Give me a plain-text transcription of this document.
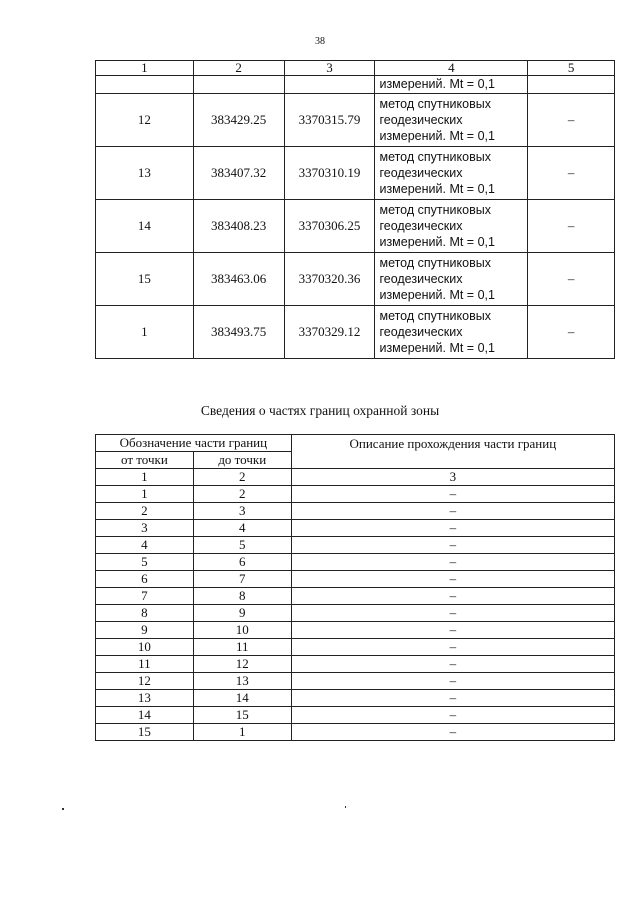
38
1	2	3	4	5
			измерений. Mt = 0,1	
12	383429.25	3370315.79	метод спутниковых
геодезических
измерений. Mt = 0,1	–
13	383407.32	3370310.19	метод спутниковых
геодезических
измерений. Mt = 0,1	–
14	383408.23	3370306.25	метод спутниковых
геодезических
измерений. Mt = 0,1	–
15	383463.06	3370320.36	метод спутниковых
геодезических
измерений. Mt = 0,1	–
1	383493.75	3370329.12	метод спутниковых
геодезических
измерений. Mt = 0,1	–
Сведения о частях границ охранной зоны
Обозначение части границ		Описание прохождения части границ
от точки	до точки	
1	2	3
1	2	–
2	3	–
3	4	–
4	5	–
5	6	–
6	7	–
7	8	–
8	9	–
9	10	–
10	11	–
11	12	–
12	13	–
13	14	–
14	15	–
15	1	–
